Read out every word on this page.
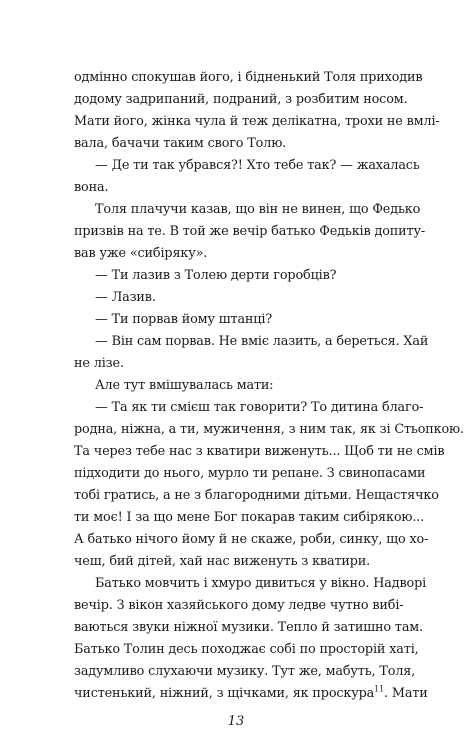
одмінно спокушав його, і бідненький Толя приходив
додому задрипаний, подраний, з розбитим носом.
Мати його, жінка чула й теж делікатна, трохи не вмлі-
вала, бачачи таким свого Толю.
— Де ти так убрався?! Хто тебе так? — жахалась
вона.
Толя плачучи казав, що він не винен, що Федько
призвів на те. В той же вечір батько Федьків допиту-
вав уже «сибіряку».
— Ти лазив з Толею дерти горобців?
— Лазив.
— Ти порвав йому штанці?
— Він сам порвав. Не вміє лазить, а береться. Хай
не лізе.
Але тут вмішувалась мати:
— Та як ти смієш так говорити? То дитина благо-
родна, ніжна, а ти, мужичення, з ним так, як зі Стьопкою.
Та через тебе нас з кватири виженуть... Щоб ти не смів
підходити до нього, мурло ти репане. З свинопасами
тобі гратись, а не з благородними дітьми. Нещастячко
ти моє! І за що мене Бог покарав таким сибірякою...
А батько нічого йому й не скаже, роби, синку, що хо-
чеш, бий дітей, хай нас виженуть з кватири.
Батько мовчить і хмуро дивиться у вікно. Надворі
вечір. З вікон хазяйського дому ледве чутно вибі-
ваються звуки ніжної музики. Тепло й затишно там.
Батько Толин десь походжає собі по просторій хаті,
задумливо слухаючи музику. Тут же, мабуть, Толя,
чистенький, ніжний, з щічками, як проскура$^{11}$. Мати
13
